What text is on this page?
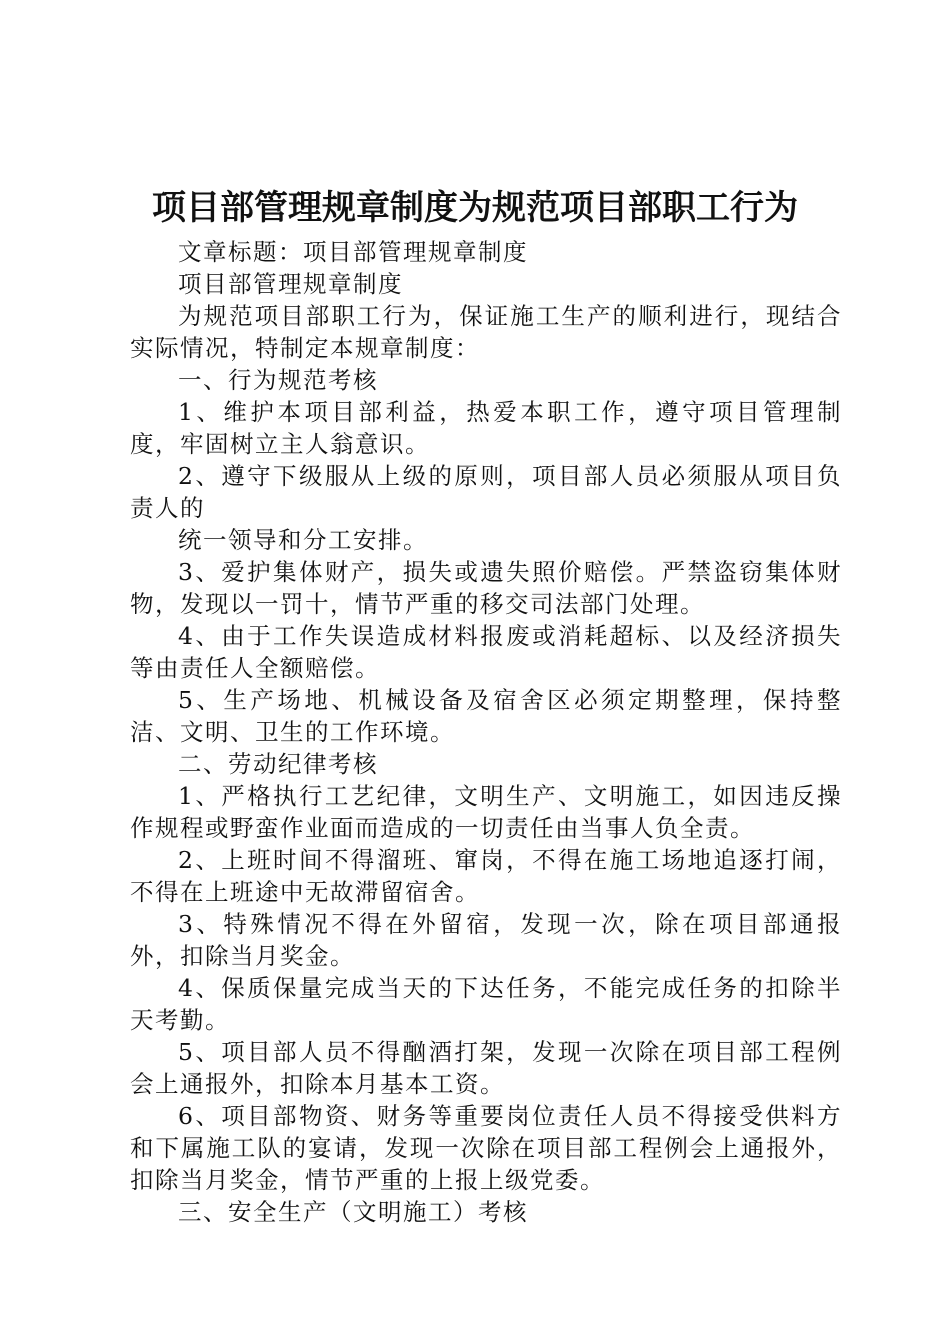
项目部管理规章制度为规范项目部职工行为

文章标题：项目部管理规章制度

项目部管理规章制度

为规范项目部职工行为，保证施工生产的顺利进行，现结合实际情况，特制定本规章制度：

一、行为规范考核

1、维护本项目部利益，热爱本职工作，遵守项目管理制度，牢固树立主人翁意识。

2、遵守下级服从上级的原则，项目部人员必须服从项目负责人的

统一领导和分工安排。

3、爱护集体财产，损失或遗失照价赔偿。严禁盗窃集体财物，发现以一罚十，情节严重的移交司法部门处理。

4、由于工作失误造成材料报废或消耗超标、以及经济损失等由责任人全额赔偿。

5、生产场地、机械设备及宿舍区必须定期整理，保持整洁、文明、卫生的工作环境。

二、劳动纪律考核

1、严格执行工艺纪律，文明生产、文明施工，如因违反操作规程或野蛮作业面而造成的一切责任由当事人负全责。

2、上班时间不得溜班、窜岗，不得在施工场地追逐打闹，不得在上班途中无故滞留宿舍。

3、特殊情况不得在外留宿，发现一次，除在项目部通报外，扣除当月奖金。

4、保质保量完成当天的下达任务，不能完成任务的扣除半天考勤。

5、项目部人员不得酗酒打架，发现一次除在项目部工程例会上通报外，扣除本月基本工资。

6、项目部物资、财务等重要岗位责任人员不得接受供料方和下属施工队的宴请，发现一次除在项目部工程例会上通报外，扣除当月奖金，情节严重的上报上级党委。

三、安全生产（文明施工）考核
